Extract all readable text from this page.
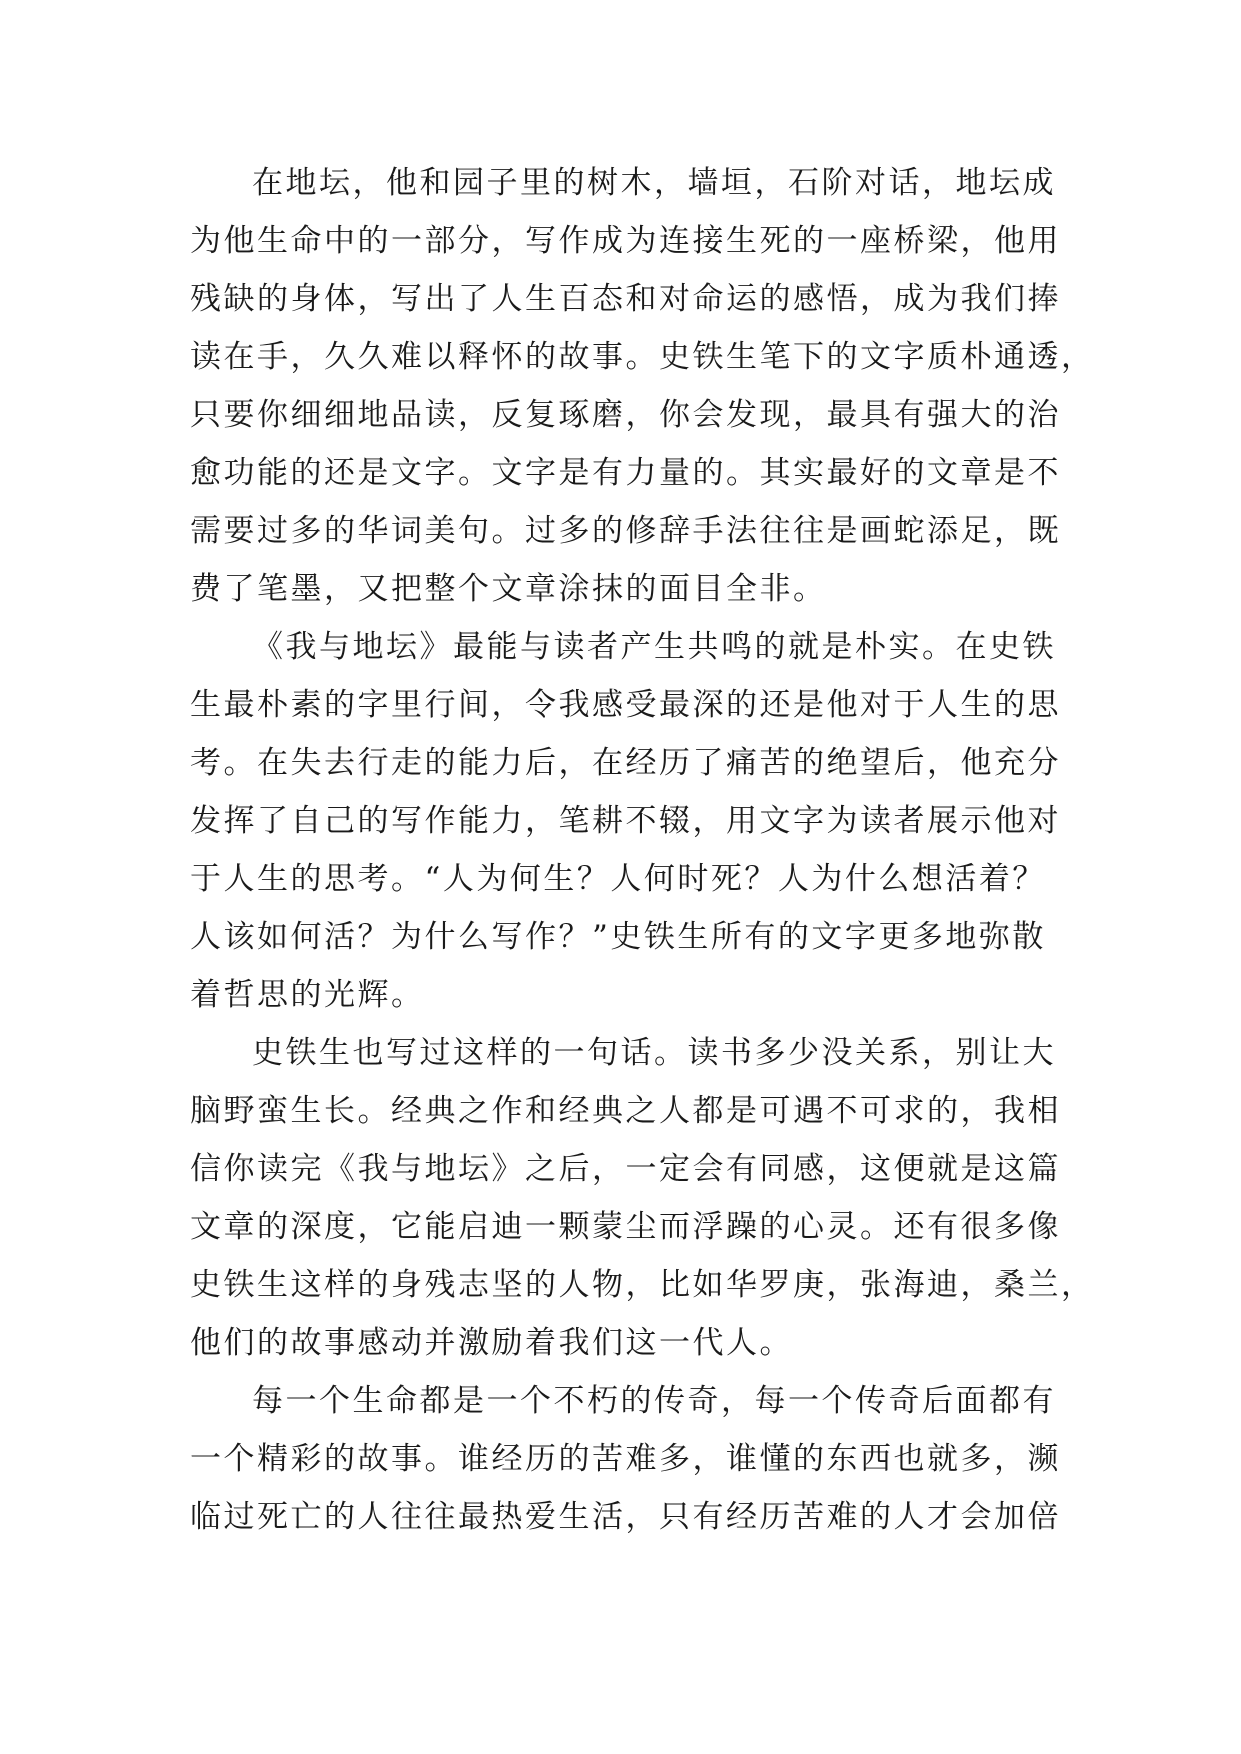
在地坛，他和园子里的树木，墙垣，石阶对话，地坛成
为他生命中的一部分，写作成为连接生死的一座桥梁，他用
残缺的身体，写出了人生百态和对命运的感悟，成为我们捧
读在手，久久难以释怀的故事。史铁生笔下的文字质朴通透，
只要你细细地品读，反复琢磨，你会发现，最具有强大的治
愈功能的还是文字。文字是有力量的。其实最好的文章是不
需要过多的华词美句。过多的修辞手法往往是画蛇添足，既
费了笔墨，又把整个文章涂抹的面目全非。
《我与地坛》最能与读者产生共鸣的就是朴实。在史铁
生最朴素的字里行间，令我感受最深的还是他对于人生的思
考。在失去行走的能力后，在经历了痛苦的绝望后，他充分
发挥了自己的写作能力，笔耕不辍，用文字为读者展示他对
于人生的思考。“人为何生？人何时死？人为什么想活着？
人该如何活？为什么写作？”史铁生所有的文字更多地弥散
着哲思的光辉。
史铁生也写过这样的一句话。读书多少没关系，别让大
脑野蛮生长。经典之作和经典之人都是可遇不可求的，我相
信你读完《我与地坛》之后，一定会有同感，这便就是这篇
文章的深度，它能启迪一颗蒙尘而浮躁的心灵。还有很多像
史铁生这样的身残志坚的人物，比如华罗庚，张海迪，桑兰，
他们的故事感动并激励着我们这一代人。
每一个生命都是一个不朽的传奇，每一个传奇后面都有
一个精彩的故事。谁经历的苦难多，谁懂的东西也就多，濒
临过死亡的人往往最热爱生活，只有经历苦难的人才会加倍
